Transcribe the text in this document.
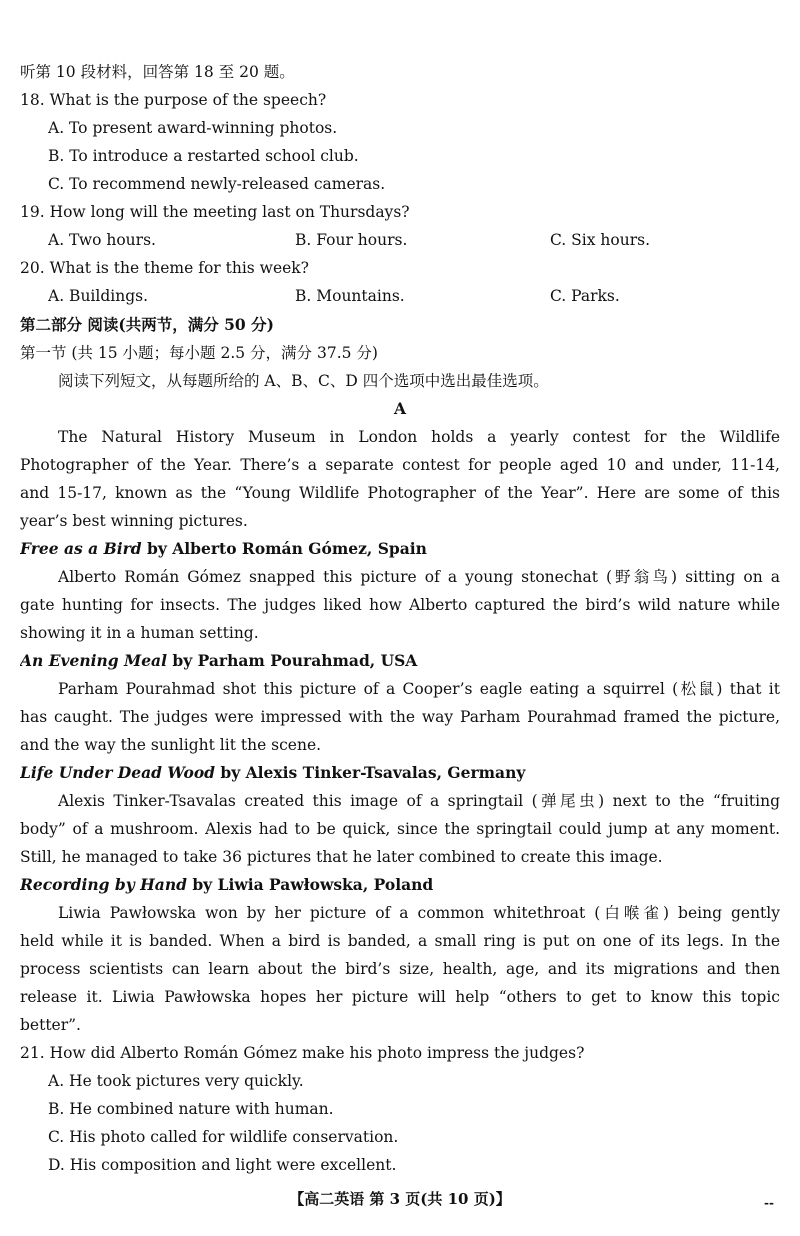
听第 10 段材料，回答第 18 至 20 题。
18. What is the purpose of the speech?
A. To present award-winning photos.
B. To introduce a restarted school club.
C. To recommend newly-released cameras.
19. How long will the meeting last on Thursdays?
A. Two hours.	B. Four hours.	C. Six hours.
20. What is the theme for this week?
A. Buildings.	B. Mountains.	C. Parks.
第二部分 阅读(共两节，满分 50 分)
第一节 (共 15 小题；每小题 2.5 分，满分 37.5 分)
阅读下列短文，从每题所给的 A、B、C、D 四个选项中选出最佳选项。
A
The Natural History Museum in London holds a yearly contest for the Wildlife
Photographer of the Year. There’s a separate contest for people aged 10 and under, 11-14,
and 15-17, known as the “Young Wildlife Photographer of the Year”. Here are some of this
year’s best winning pictures.
Free as a Bird by Alberto Román Gómez, Spain
Alberto Román Gómez snapped this picture of a young stonechat (野翁鸟) sitting on a
gate hunting for insects. The judges liked how Alberto captured the bird’s wild nature while
showing it in a human setting.
An Evening Meal by Parham Pourahmad, USA
Parham Pourahmad shot this picture of a Cooper’s eagle eating a squirrel (松鼠) that it
has caught. The judges were impressed with the way Parham Pourahmad framed the picture,
and the way the sunlight lit the scene.
Life Under Dead Wood by Alexis Tinker-Tsavalas, Germany
Alexis Tinker-Tsavalas created this image of a springtail (弹尾虫) next to the “fruiting
body” of a mushroom. Alexis had to be quick, since the springtail could jump at any moment.
Still, he managed to take 36 pictures that he later combined to create this image.
Recording by Hand by Liwia Pawłowska, Poland
Liwia Pawłowska won by her picture of a common whitethroat (白喉雀) being gently
held while it is banded. When a bird is banded, a small ring is put on one of its legs. In the
process scientists can learn about the bird’s size, health, age, and its migrations and then
release it. Liwia Pawłowska hopes her picture will help “others to get to know this topic
better”.
21. How did Alberto Román Gómez make his photo impress the judges?
A. He took pictures very quickly.
B. He combined nature with human.
C. His photo called for wildlife conservation.
D. His composition and light were excellent.
【高二英语 第 3 页(共 10 页)】	--
